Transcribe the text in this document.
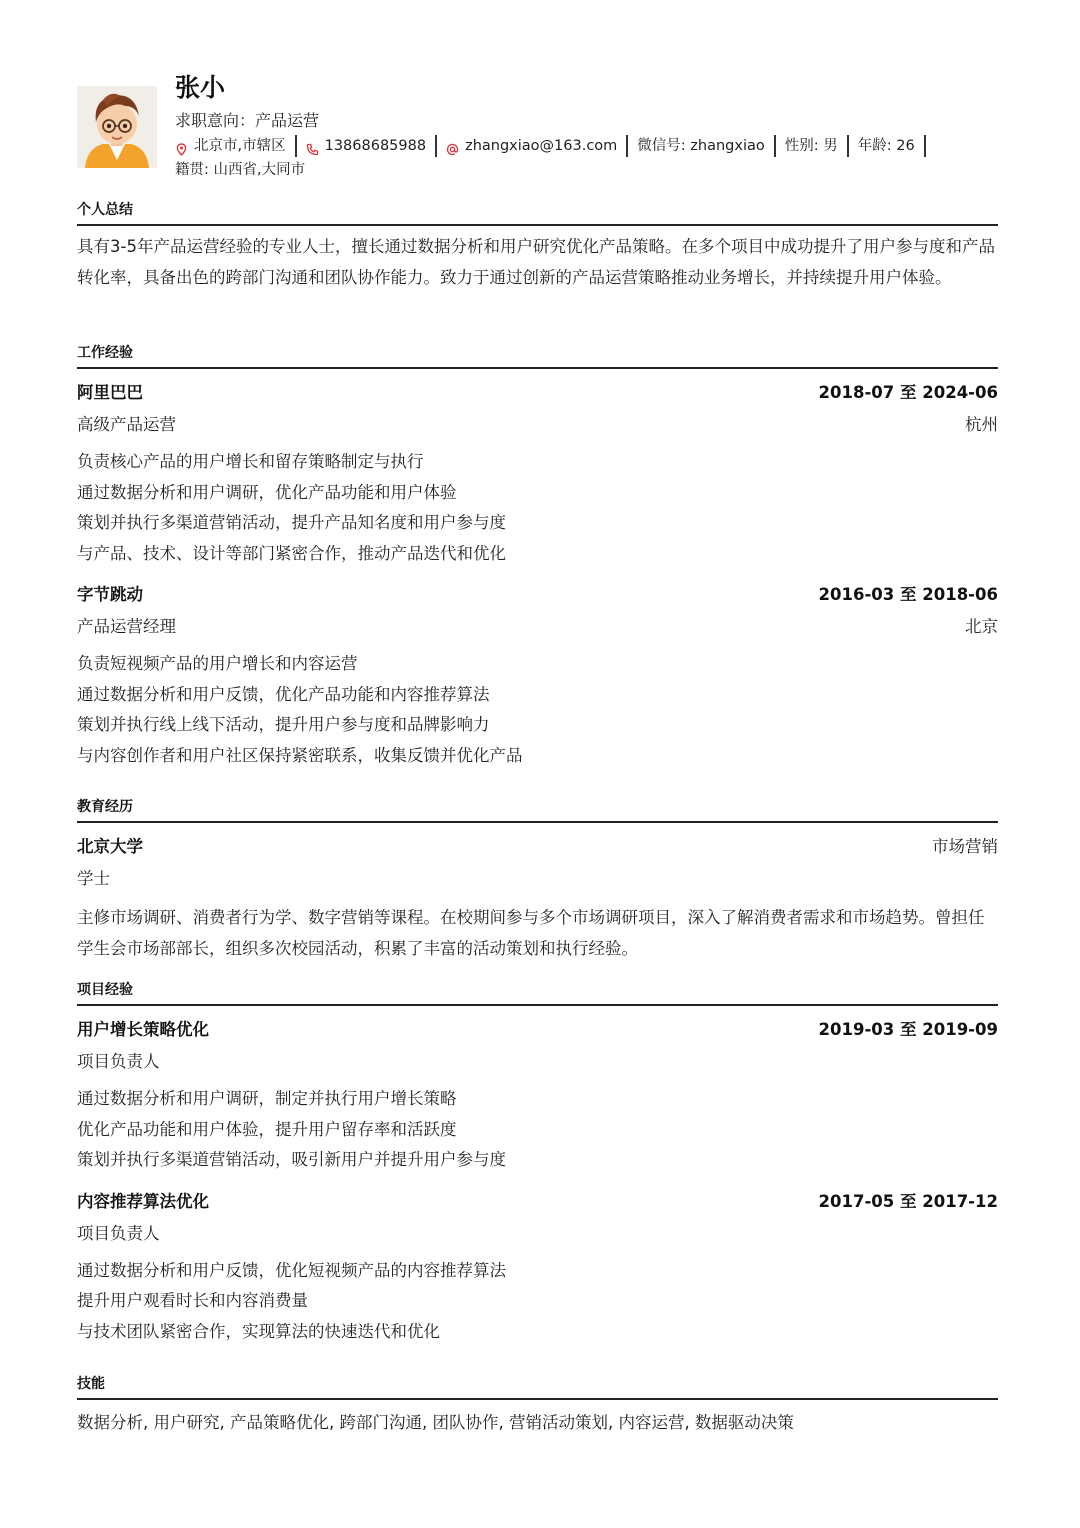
张小
求职意向：产品运营
北京市,市辖区	13868685988	zhangxiao@163.com 微信号: zhangxiao 性别: 男 年龄: 26
籍贯: 山西省,大同市
个人总结
具有3-5年产品运营经验的专业人士，擅长通过数据分析和用户研究优化产品策略。在多个项目中成功提升了用户参与度和产品转化率，具备出色的跨部门沟通和团队协作能力。致力于通过创新的产品运营策略推动业务增长，并持续提升用户体验。
工作经验
阿里巴巴	2018-07 至 2024-06
高级产品运营	杭州
负责核心产品的用户增长和留存策略制定与执行
通过数据分析和用户调研，优化产品功能和用户体验
策划并执行多渠道营销活动，提升产品知名度和用户参与度
与产品、技术、设计等部门紧密合作，推动产品迭代和优化
字节跳动	2016-03 至 2018-06
产品运营经理	北京
负责短视频产品的用户增长和内容运营
通过数据分析和用户反馈，优化产品功能和内容推荐算法
策划并执行线上线下活动，提升用户参与度和品牌影响力
与内容创作者和用户社区保持紧密联系，收集反馈并优化产品
教育经历
北京大学	市场营销
学士
主修市场调研、消费者行为学、数字营销等课程。在校期间参与多个市场调研项目，深入了解消费者需求和市场趋势。曾担任学生会市场部部长，组织多次校园活动，积累了丰富的活动策划和执行经验。
项目经验
用户增长策略优化	2019-03 至 2019-09
项目负责人
通过数据分析和用户调研，制定并执行用户增长策略
优化产品功能和用户体验，提升用户留存率和活跃度
策划并执行多渠道营销活动，吸引新用户并提升用户参与度
内容推荐算法优化	2017-05 至 2017-12
项目负责人
通过数据分析和用户反馈，优化短视频产品的内容推荐算法
提升用户观看时长和内容消费量
与技术团队紧密合作，实现算法的快速迭代和优化
技能
数据分析, 用户研究, 产品策略优化, 跨部门沟通, 团队协作, 营销活动策划, 内容运营, 数据驱动决策
